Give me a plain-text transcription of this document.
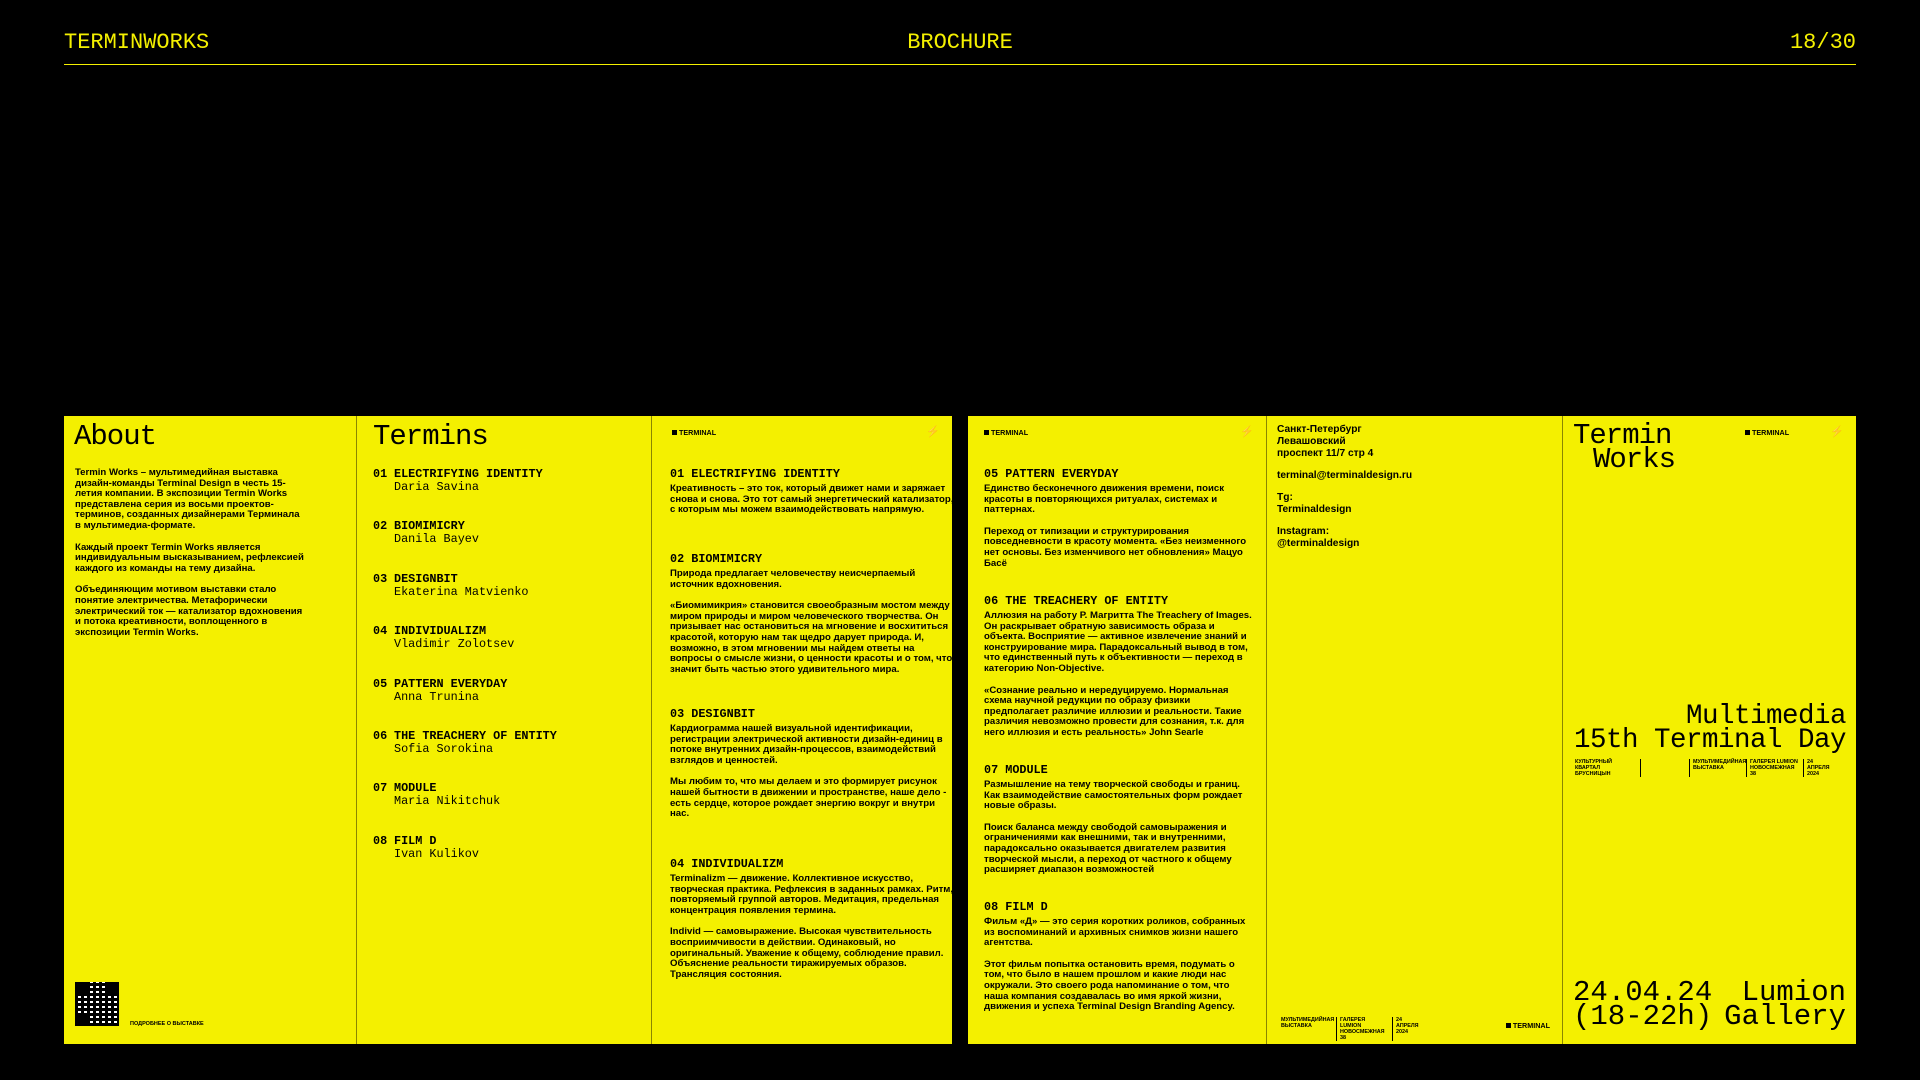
TERMINWORKS	BROCHURE	18/30
About

Termin Works – мультимедийная выставка дизайн-команды Terminal Design в честь 15-летия компании. В экспозиции Termin Works представлена серия из восьми проектов-терминов, созданных дизайнерами Терминала в мультимедиа-формате.

Каждый проект Termin Works является индивидуальным высказыванием, рефлексией каждого из команды на тему дизайна.

Объединяющим мотивом выставки стало понятие электричества. Метафорически электрический ток — катализатор вдохновения и потока креативности, воплощенного в экспозиции Termin Works.

ПОДРОБНЕЕ О ВЫСТАВКЕ
Termins
01 ELECTRIFYING IDENTITY
Daria Savina
02 BIOMIMICRY
Danila Bayev
03 DESIGNBIT
Ekaterina Matvienko
04 INDIVIDUALIZM
Vladimir Zolotsev
05 PATTERN EVERYDAY
Anna Trunina
06 THE TREACHERY OF ENTITY
Sofia Sorokina
07 MODULE
Maria Nikitchuk
08 FILM D
Ivan Kulikov
TERMINAL	⚡
01 ELECTRIFYING IDENTITY

Креативность – это ток, который движет нами и заряжает снова и снова. Это тот самый энергетический катализатор, с которым мы можем взаимодействовать напрямую.

02 BIOMIMICRY

Природа предлагает человечеству неисчерпаемый источник вдохновения.

«Биомимикрия» становится своеобразным мостом между миром природы и миром человеческого творчества. Он призывает нас остановиться на мгновение и восхититься красотой, которую нам так щедро дарует природа. И, возможно, в этом мгновении мы найдем ответы на вопросы о смысле жизни, о ценности красоты и о том, что значит быть частью этого удивительного мира.

03 DESIGNBIT

Кардиограмма нашей визуальной идентификации, регистрации электрической активности дизайн-единиц в потоке внутренних дизайн-процессов, взаимодействий взглядов и ценностей.

Мы любим то, что мы делаем и это формирует рисунок нашей бытности в движении и пространстве, наше дело - есть сердце, которое рождает энергию вокруг и внутри нас.

04 INDIVIDUALIZM

Terminalizm — движение. Коллективное искусство, творческая практика. Рефлексия в заданных рамках. Ритм, повторяемый группой авторов. Медитация, предельная концентрация появления термина.

Individ — самовыражение. Высокая чувствительность восприимчивости в действии. Одинаковый, но оригинальный. Уважение к общему, соблюдение правил. Объяснение реальности тиражируемых образов. Трансляция состояния.

TERMINAL	⚡
05 PATTERN EVERYDAY

Единство бесконечного движения времени, поиск красоты в повторяющихся ритуалах, системах и паттернах.

Переход от типизации и структурирования повседневности в красоту момента. «Без неизменного нет основы. Без изменчивого нет обновления» Мацуо Басё

06 THE TREACHERY OF ENTITY

Аллюзия на работу Р. Магритта The Treachery of Images. Он раскрывает обратную зависимость образа и объекта. Восприятие — активное извлечение знаний и конструирование мира. Парадоксальный вывод в том, что единственный путь к объективности — переход в категорию Non-Objective.

«Сознание реально и нередуцируемо. Нормальная схема научной редукции по образу физики предполагает различие иллюзии и реальности. Такие различия невозможно провести для сознания, т.к. для него иллюзия и есть реальность» John Searle

07 MODULE

Размышление на тему творческой свободы и границ. Как взаимодействие самостоятельных форм рождает новые образы.

Поиск баланса между свободой самовыражения и ограничениями как внешними, так и внутренними, парадоксально оказывается двигателем развития творческой мысли, а переход от частного к общему расширяет диапазон возможностей

08 FILM D

Фильм «Д» — это серия коротких роликов, собранных из воспоминаний и архивных снимков жизни нашего агентства.

Этот фильм попытка остановить время, подумать о том, что было в нашем прошлом и какие люди нас окружали. Это своего рода напоминание о том, что наша компания создавалась во имя яркой жизни, движения и успеха Terminal Design Branding Agency.

Санкт-Петербург
Левашовский
проспект 11/7 стр 4
terminal@terminaldesign.ru
Tg:
Terminaldesign
Instagram:
@terminaldesign
МУЛЬТИМЕДИЙНАЯ ВЫСТАВКА
ГАЛЕРЕЯ LUMION НОВОСМЕЖНАЯ 38
24 АПРЕЛЯ 2024
TERMINAL
Termin
Works
TERMINAL	⚡
Multimedia
15th Terminal Day
КУЛЬТУРНЫЙ КВАРТАЛ БРУСНИЦЫН
МУЛЬТИМЕДИЙНАЯ ВЫСТАВКА
ГАЛЕРЕЯ LUMION НОВОСМЕЖНАЯ 38
24 АПРЕЛЯ 2024
24.04.24
(18-22h)
Lumion
Gallery
